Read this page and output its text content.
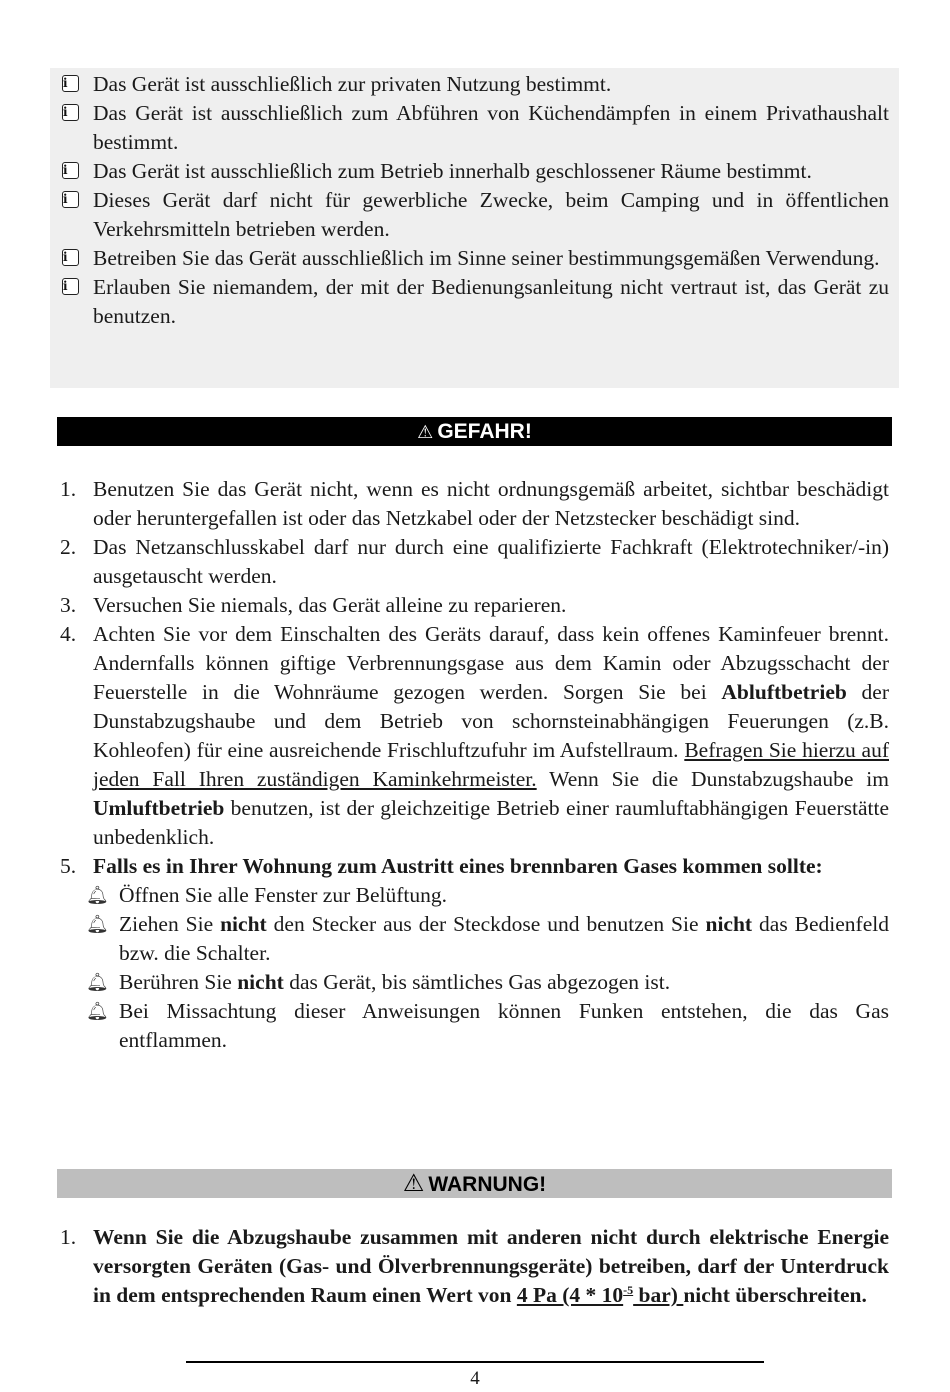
i	Das Gerät ist ausschließlich zur privaten Nutzung bestimmt.
i	Das Gerät ist ausschließlich zum Abführen von Küchendämpfen in einem Privathaushalt bestimmt.
i	Das Gerät ist ausschließlich zum Betrieb innerhalb geschlossener Räume bestimmt.
i	Dieses Gerät darf nicht für gewerbliche Zwecke, beim Camping und in öffentlichen Verkehrsmitteln betrieben werden.
i	Betreiben Sie das Gerät ausschließlich im Sinne seiner bestimmungsgemäßen Verwendung.
i	Erlauben Sie niemandem, der mit der Bedienungsanleitung nicht vertraut ist, das Gerät zu benutzen.
⚠ GEFAHR!
1. Benutzen Sie das Gerät nicht, wenn es nicht ordnungsgemäß arbeitet, sichtbar beschädigt oder heruntergefallen ist oder das Netzkabel oder der Netzstecker beschädigt sind.
2. Das Netzanschlusskabel darf nur durch eine qualifizierte Fachkraft (Elektrotechniker/-in) ausgetauscht werden.
3. Versuchen Sie niemals, das Gerät alleine zu reparieren.
4. Achten Sie vor dem Einschalten des Geräts darauf, dass kein offenes Kaminfeuer brennt. Andernfalls können giftige Verbrennungsgase aus dem Kamin oder Abzugsschacht der Feuerstelle in die Wohnräume gezogen werden. Sorgen Sie bei Abluftbetrieb der Dunstabzugshaube und dem Betrieb von schornsteinabhängigen Feuerungen (z.B. Kohleofen) für eine ausreichende Frischluftzufuhr im Aufstellraum. Befragen Sie hierzu auf jeden Fall Ihren zuständigen Kaminkehrmeister. Wenn Sie die Dunstabzugshaube im Umluftbetrieb benutzen, ist der gleichzeitige Betrieb einer raumluftabhängigen Feuerstätte unbedenklich.
5. Falls es in Ihrer Wohnung zum Austritt eines brennbaren Gases kommen sollte:
🔔︎ Öffnen Sie alle Fenster zur Belüftung.
🔔︎ Ziehen Sie nicht den Stecker aus der Steckdose und benutzen Sie nicht das Bedienfeld bzw. die Schalter.
🔔︎ Berühren Sie nicht das Gerät, bis sämtliches Gas abgezogen ist.
🔔︎ Bei Missachtung dieser Anweisungen können Funken entstehen, die das Gas entflammen.
⚠ WARNUNG!
1. Wenn Sie die Abzugshaube zusammen mit anderen nicht durch elektrische Energie versorgten Geräten (Gas- und Ölverbrennungsgeräte) betreiben, darf der Unterdruck in dem entsprechenden Raum einen Wert von 4 Pa ($4 * 10^{-5}$ bar) nicht überschreiten.
4
